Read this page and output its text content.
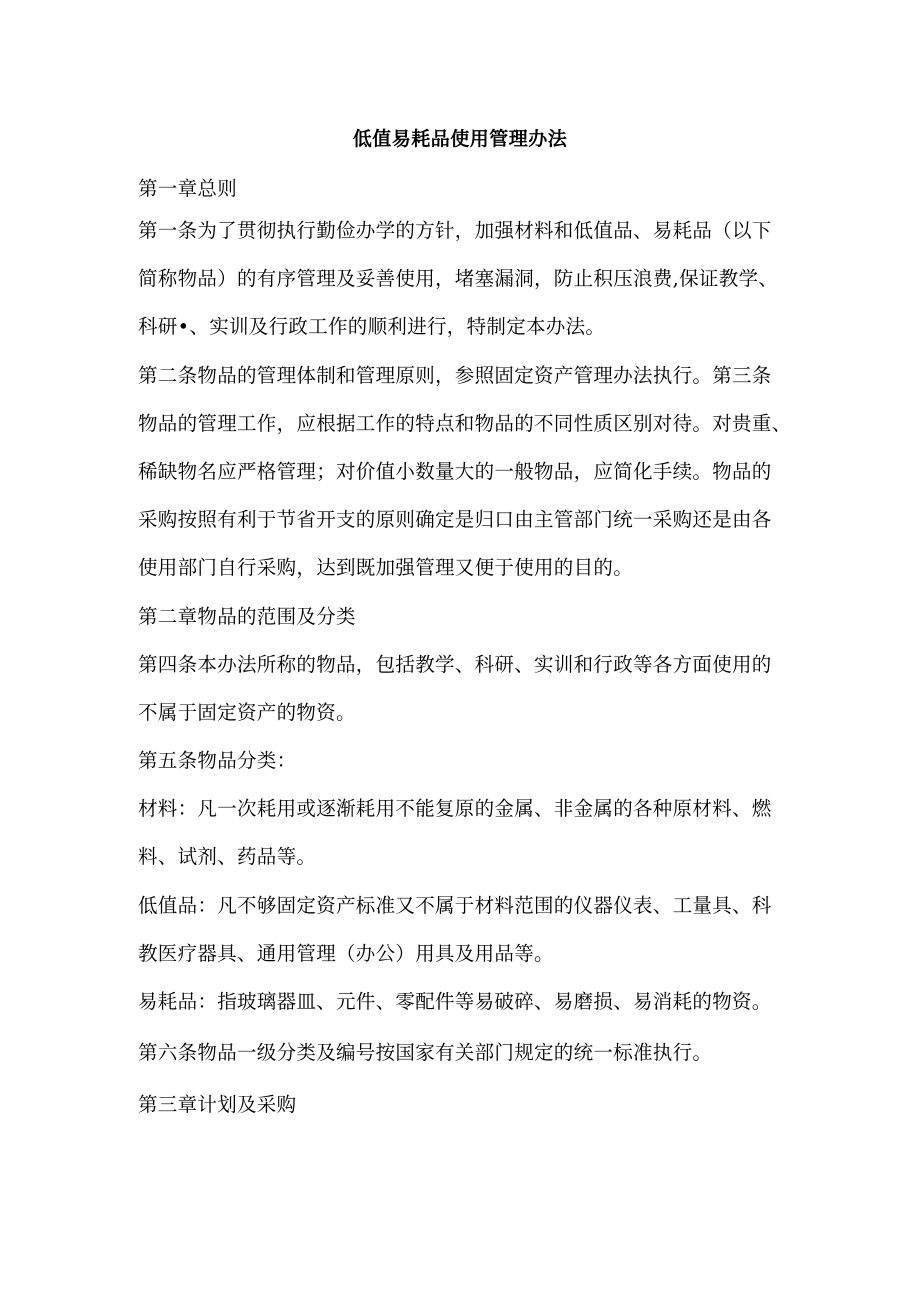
低值易耗品使用管理办法
第一章总则
第一条为了贯彻执行勤俭办学的方针，加强材料和低值品、易耗品（以下
简称物品）的有序管理及妥善使用，堵塞漏洞，防止积压浪费,保证教学、
科研•、实训及行政工作的顺利进行，特制定本办法。
第二条物品的管理体制和管理原则，参照固定资产管理办法执行。第三条
物品的管理工作，应根据工作的特点和物品的不同性质区别对待。对贵重、
稀缺物名应严格管理；对价值小数量大的一般物品，应简化手续。物品的
采购按照有利于节省开支的原则确定是归口由主管部门统一采购还是由各
使用部门自行采购，达到既加强管理又便于使用的目的。
第二章物品的范围及分类
第四条本办法所称的物品，包括教学、科研、实训和行政等各方面使用的
不属于固定资产的物资。
第五条物品分类：
材料：凡一次耗用或逐渐耗用不能复原的金属、非金属的各种原材料、燃
料、试剂、药品等。
低值品：凡不够固定资产标准又不属于材料范围的仪器仪表、工量具、科
教医疗器具、通用管理（办公）用具及用品等。
易耗品：指玻璃器皿、元件、零配件等易破碎、易磨损、易消耗的物资。
第六条物品一级分类及编号按国家有关部门规定的统一标准执行。
第三章计划及采购
